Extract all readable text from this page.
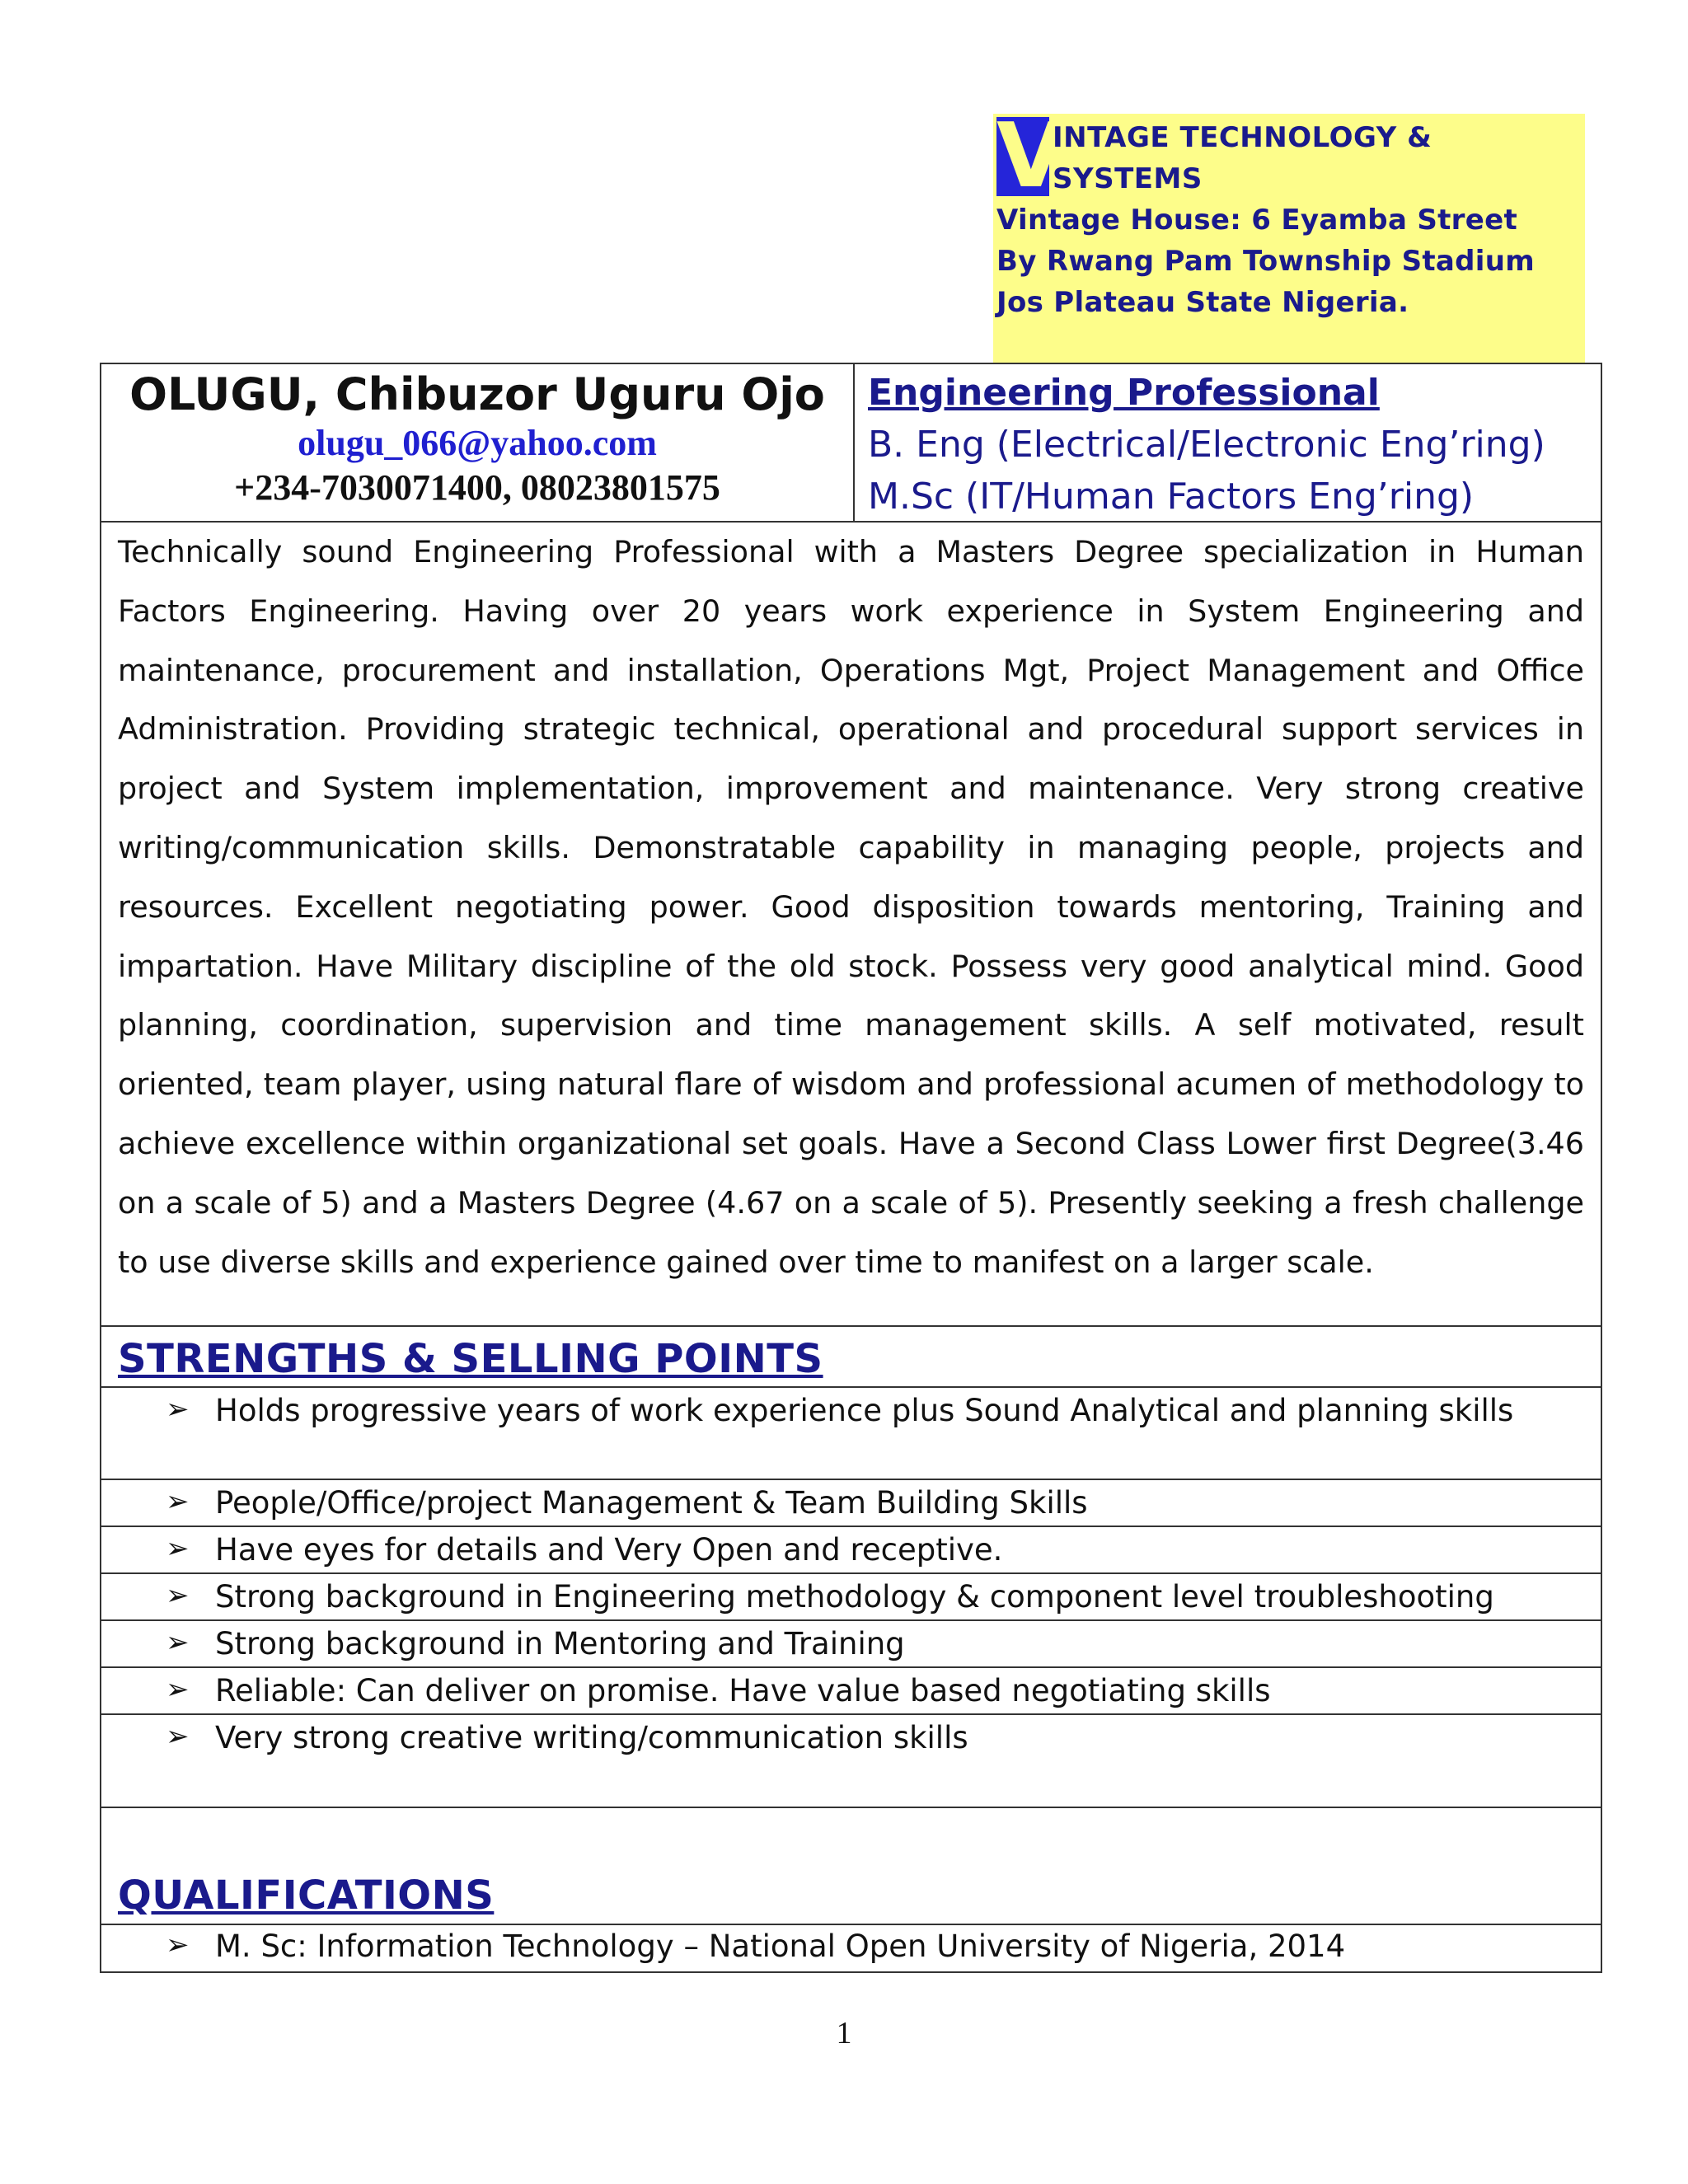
V
INTAGE TECHNOLOGY &
SYSTEMS
Vintage House: 6 Eyamba Street
By Rwang Pam Township Stadium
Jos Plateau State Nigeria.
OLUGU, Chibuzor Uguru Ojo
olugu_066@yahoo.com
+234-7030071400, 08023801575
Engineering Professional
B. Eng (Electrical/Electronic Eng’ring)
M.Sc (IT/Human Factors Eng’ring)

Technically sound Engineering Professional with a Masters Degree specialization in Human Factors Engineering. Having over 20 years work experience in System Engineering and maintenance, procurement and installation, Operations Mgt, Project Management and Office Administration. Providing strategic technical, operational and procedural support services in project and System implementation, improvement and maintenance. Very strong creative writing/communication skills. Demonstratable capability in managing people, projects and resources. Excellent negotiating power. Good disposition towards mentoring, Training and impartation. Have Military discipline of the old stock. Possess very good analytical mind. Good planning, coordination, supervision and time management skills. A self motivated, result oriented, team player, using natural flare of wisdom and professional acumen of methodology to achieve excellence within organizational set goals. Have a Second Class Lower first Degree(3.46 on a scale of 5) and a Masters Degree (4.67 on a scale of 5). Presently seeking a fresh challenge to use diverse skills and experience gained over time to manifest on a larger scale.

STRENGTHS & SELLING POINTS
➢ Holds progressive years of work experience plus Sound Analytical and planning skills
➢ People/Office/project Management & Team Building Skills
➢ Have eyes for details and Very Open and receptive.
➢ Strong background in Engineering methodology & component level troubleshooting
➢ Strong background in Mentoring and Training
➢ Reliable: Can deliver on promise. Have value based negotiating skills
➢ Very strong creative writing/communication skills
QUALIFICATIONS
➢ M. Sc: Information Technology – National Open University of Nigeria, 2014
1
